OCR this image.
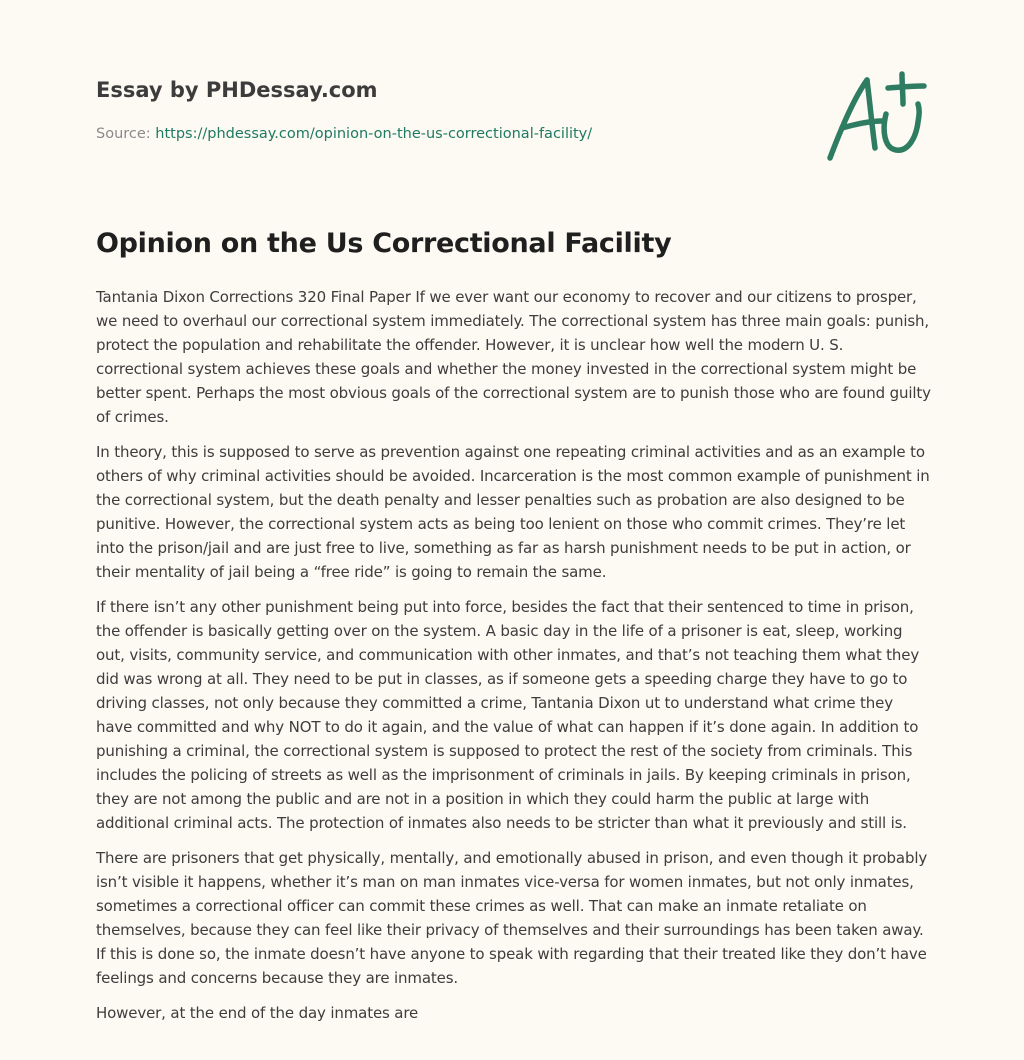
Essay by PHDessay.com
Source: https://phdessay.com/opinion-on-the-us-correctional-facility/
Opinion on the Us Correctional Facility

Tantania Dixon Corrections 320 Final Paper If we ever want our economy to recover and our citizens to prosper, we need to overhaul our correctional system immediately. The correctional system has three main goals: punish, protect the population and rehabilitate the offender. However, it is unclear how well the modern U. S. correctional system achieves these goals and whether the money invested in the correctional system might be better spent. Perhaps the most obvious goals of the correctional system are to punish those who are found guilty of crimes.

In theory, this is supposed to serve as prevention against one repeating criminal activities and as an example to others of why criminal activities should be avoided. Incarceration is the most common example of punishment in the correctional system, but the death penalty and lesser penalties such as probation are also designed to be punitive. However, the correctional system acts as being too lenient on those who commit crimes. They’re let into the prison/jail and are just free to live, something as far as harsh punishment needs to be put in action, or their mentality of jail being a “free ride” is going to remain the same.

If there isn’t any other punishment being put into force, besides the fact that their sentenced to time in prison, the offender is basically getting over on the system. A basic day in the life of a prisoner is eat, sleep, working out, visits, community service, and communication with other inmates, and that’s not teaching them what they did was wrong at all. They need to be put in classes, as if someone gets a speeding charge they have to go to driving classes, not only because they committed a crime, Tantania Dixon ut to understand what crime they have committed and why NOT to do it again, and the value of what can happen if it’s done again. In addition to punishing a criminal, the correctional system is supposed to protect the rest of the society from criminals. This includes the policing of streets as well as the imprisonment of criminals in jails. By keeping criminals in prison, they are not among the public and are not in a position in which they could harm the public at large with additional criminal acts. The protection of inmates also needs to be stricter than what it previously and still is.

There are prisoners that get physically, mentally, and emotionally abused in prison, and even though it probably isn’t visible it happens, whether it’s man on man inmates vice-versa for women inmates, but not only inmates, sometimes a correctional officer can commit these crimes as well. That can make an inmate retaliate on themselves, because they can feel like their privacy of themselves and their surroundings has been taken away. If this is done so, the inmate doesn’t have anyone to speak with regarding that their treated like they don’t have feelings and concerns because they are inmates.

However, at the end of the day inmates are
